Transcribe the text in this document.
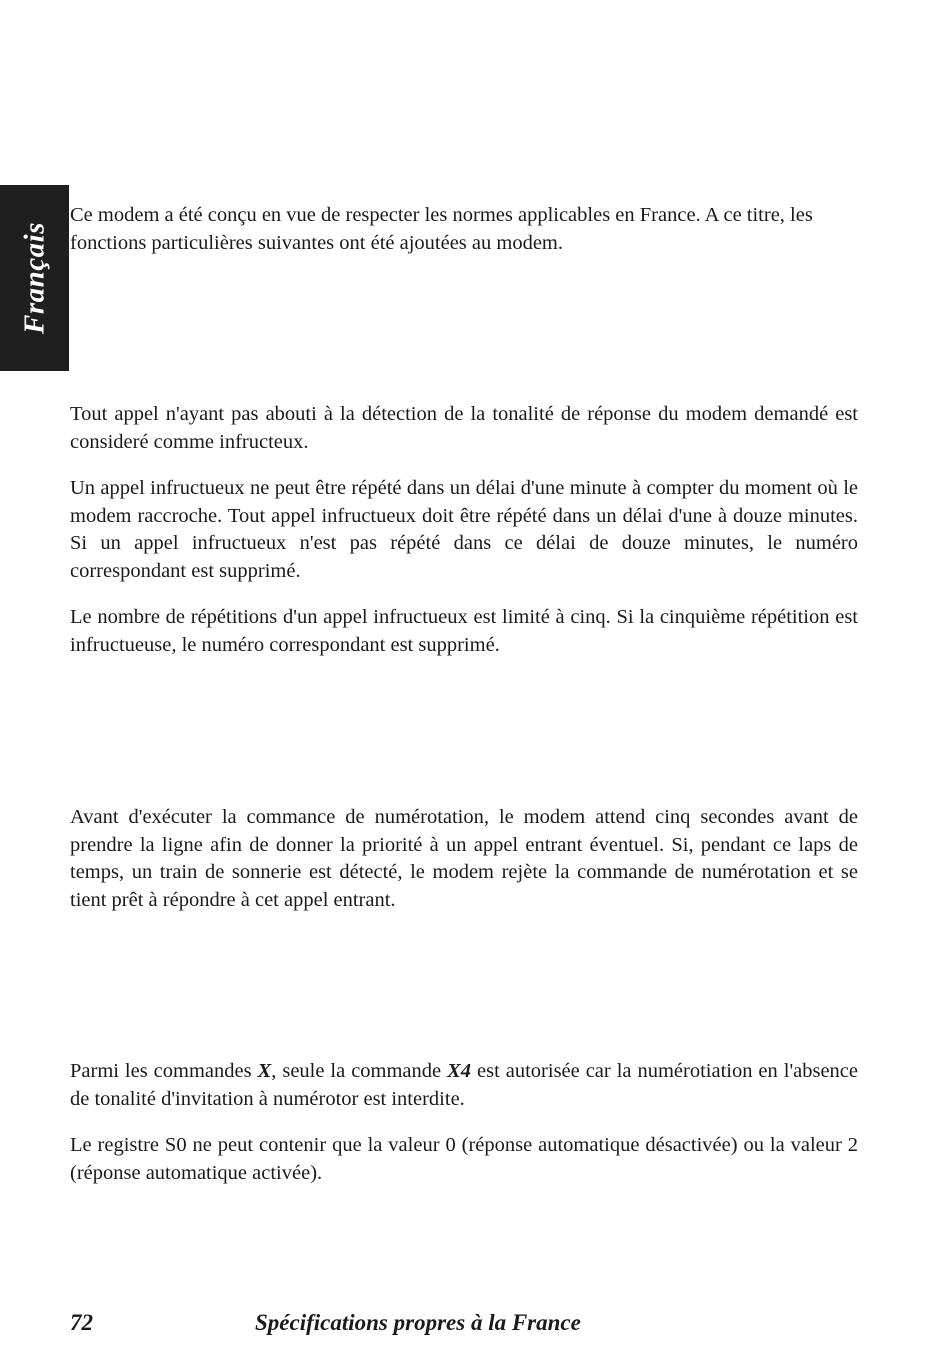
Français

Ce modem a été conçu en vue de respecter les normes applicables en France. A ce titre, les fonctions particulières suivantes ont été ajoutées au modem.

Tout appel n'ayant pas abouti à la détection de la tonalité de réponse du modem demandé est consideré comme infructeux.

Un appel infructueux ne peut être répété dans un délai d'une minute à compter du moment où le modem raccroche. Tout appel infructueux doit être répété dans un délai d'une à douze minutes. Si un appel infructueux n'est pas répété dans ce délai de douze minutes, le numéro correspondant est supprimé.

Le nombre de répétitions d'un appel infructueux est limité à cinq. Si la cinquième répétition est infructueuse, le numéro correspondant est supprimé.

Avant d'exécuter la commance de numérotation, le modem attend cinq secondes avant de prendre la ligne afin de donner la priorité à un appel entrant éventuel. Si, pendant ce laps de temps, un train de sonnerie est détecté, le modem rejète la commande de numérotation et se tient prêt à répondre à cet appel entrant.

Parmi les commandes X, seule la commande X4 est autorisée car la numérotiation en l'absence de tonalité d'invitation à numérotor est interdite.

Le registre S0 ne peut contenir que la valeur 0 (réponse automatique désactivée) ou la valeur 2 (réponse automatique activée).

72	Spécifications propres à la France
